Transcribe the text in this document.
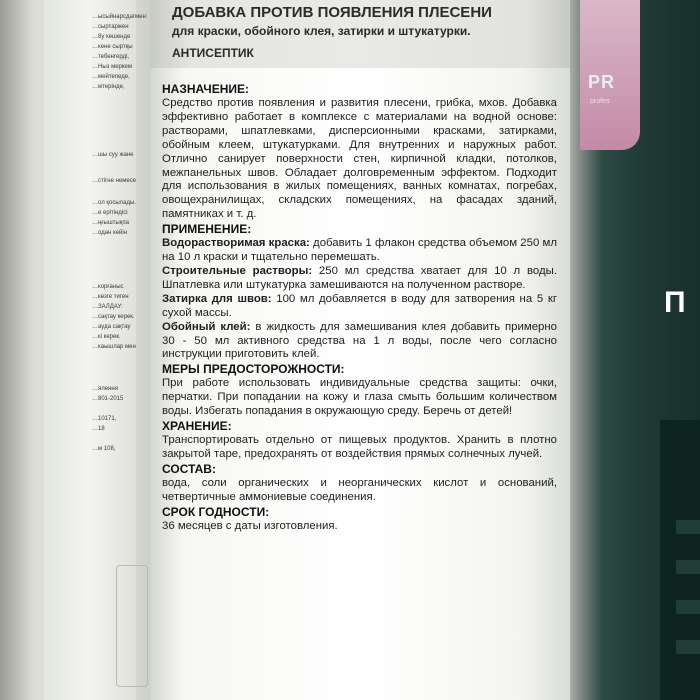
…ысыйнарсдагмен:
…сыртаржен
…8у кешенде
…кене сыртқы
…тебенгерді,
…Ныз меркем
…мейтепеде,
…мтерінде,
…шы суу жане
…стігне немесе
…ол қосылады.
…е ерітіндісі
…ңғыштықпа
…одан кейін
…корғаныс
…көзге тиген
…ЗАЛДАУ:
…сақтау керек.
…ауда сақтау
…кі керек.
…каышлар мен
…ялення
…801-2015

…10171,
…18

…м 108,
PR
profes
П
ДОБАВКА ПРОТИВ ПОЯВЛЕНИЯ ПЛЕСЕНИ
для краски, обойного клея, затирки и штукатурки.
АНТИСЕПТИК
НАЗНАЧЕНИЕ:

Средство против появления и развития плесени, грибка, мхов. Добавка эффективно работает в комплексе с материалами на водной основе: растворами, шпатлевками, дисперсионными красками, затирками, обойным клеем, штукатурками. Для внутренних и наружных работ. Отлично санирует поверхности стен, кирпичной кладки, потолков, межпанельных швов. Обладает долговременным эффектом. Подходит для использования в жилых помещениях, ванных комнатах, погребах, овощехранилищах, складских помещениях, на фасадах зданий, памятниках и т. д.

ПРИМЕНЕНИЕ:

Водорастворимая краска: добавить 1 флакон средства объемом 250 мл на 10 л краски и тщательно перемешать.

Строительные растворы: 250 мл средства хватает для 10 л воды. Шпатлевка или штукатурка замешиваются на полученном растворе.

Затирка для швов: 100 мл добавляется в воду для затворения на 5 кг сухой массы.

Обойный клей: в жидкость для замешивания клея добавить примерно 30 - 50 мл активного средства на 1 л воды, после чего согласно инструкции приготовить клей.

МЕРЫ ПРЕДОСТОРОЖНОСТИ:

При работе использовать индивидуальные средства защиты: очки, перчатки. При попадании на кожу и глаза смыть большим количеством воды. Избегать попадания в окружающую среду. Беречь от детей!

ХРАНЕНИЕ:

Транспортировать отдельно от пищевых продуктов. Хранить в плотно закрытой таре, предохранять от воздействия прямых солнечных лучей.

СОСТАВ:

вода, соли органических и неорганических кислот и оснований, четвертичные аммониевые соединения.

СРОК ГОДНОСТИ:

36 месяцев с даты изготовления.
